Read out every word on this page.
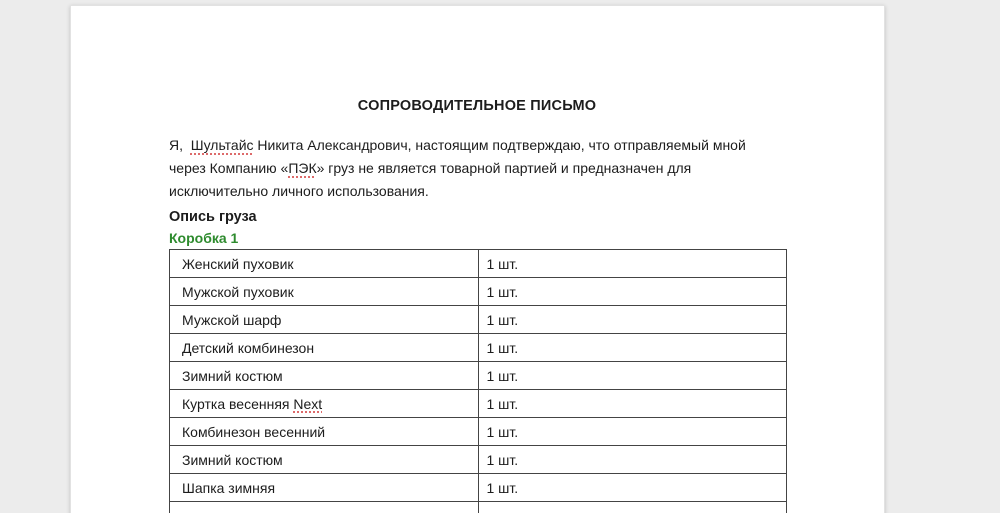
СОПРОВОДИТЕЛЬНОЕ ПИСЬМО

Я,  Шультайс Никита Александрович, настоящим подтверждаю, что отправляемый мной через Компанию «ПЭК» груз не является товарной партией и предназначен для исключительно личного использования.

Опись груза
Коробка 1
Женский пуховик	1 шт.
Мужской пуховик	1 шт.
Мужской шарф	1 шт.
Детский комбинезон	1 шт.
Зимний костюм	1 шт.
Куртка весенняя Next	1 шт.
Комбинезон весенний	1 шт.
Зимний костюм	1 шт.
Шапка зимняя	1 шт.
